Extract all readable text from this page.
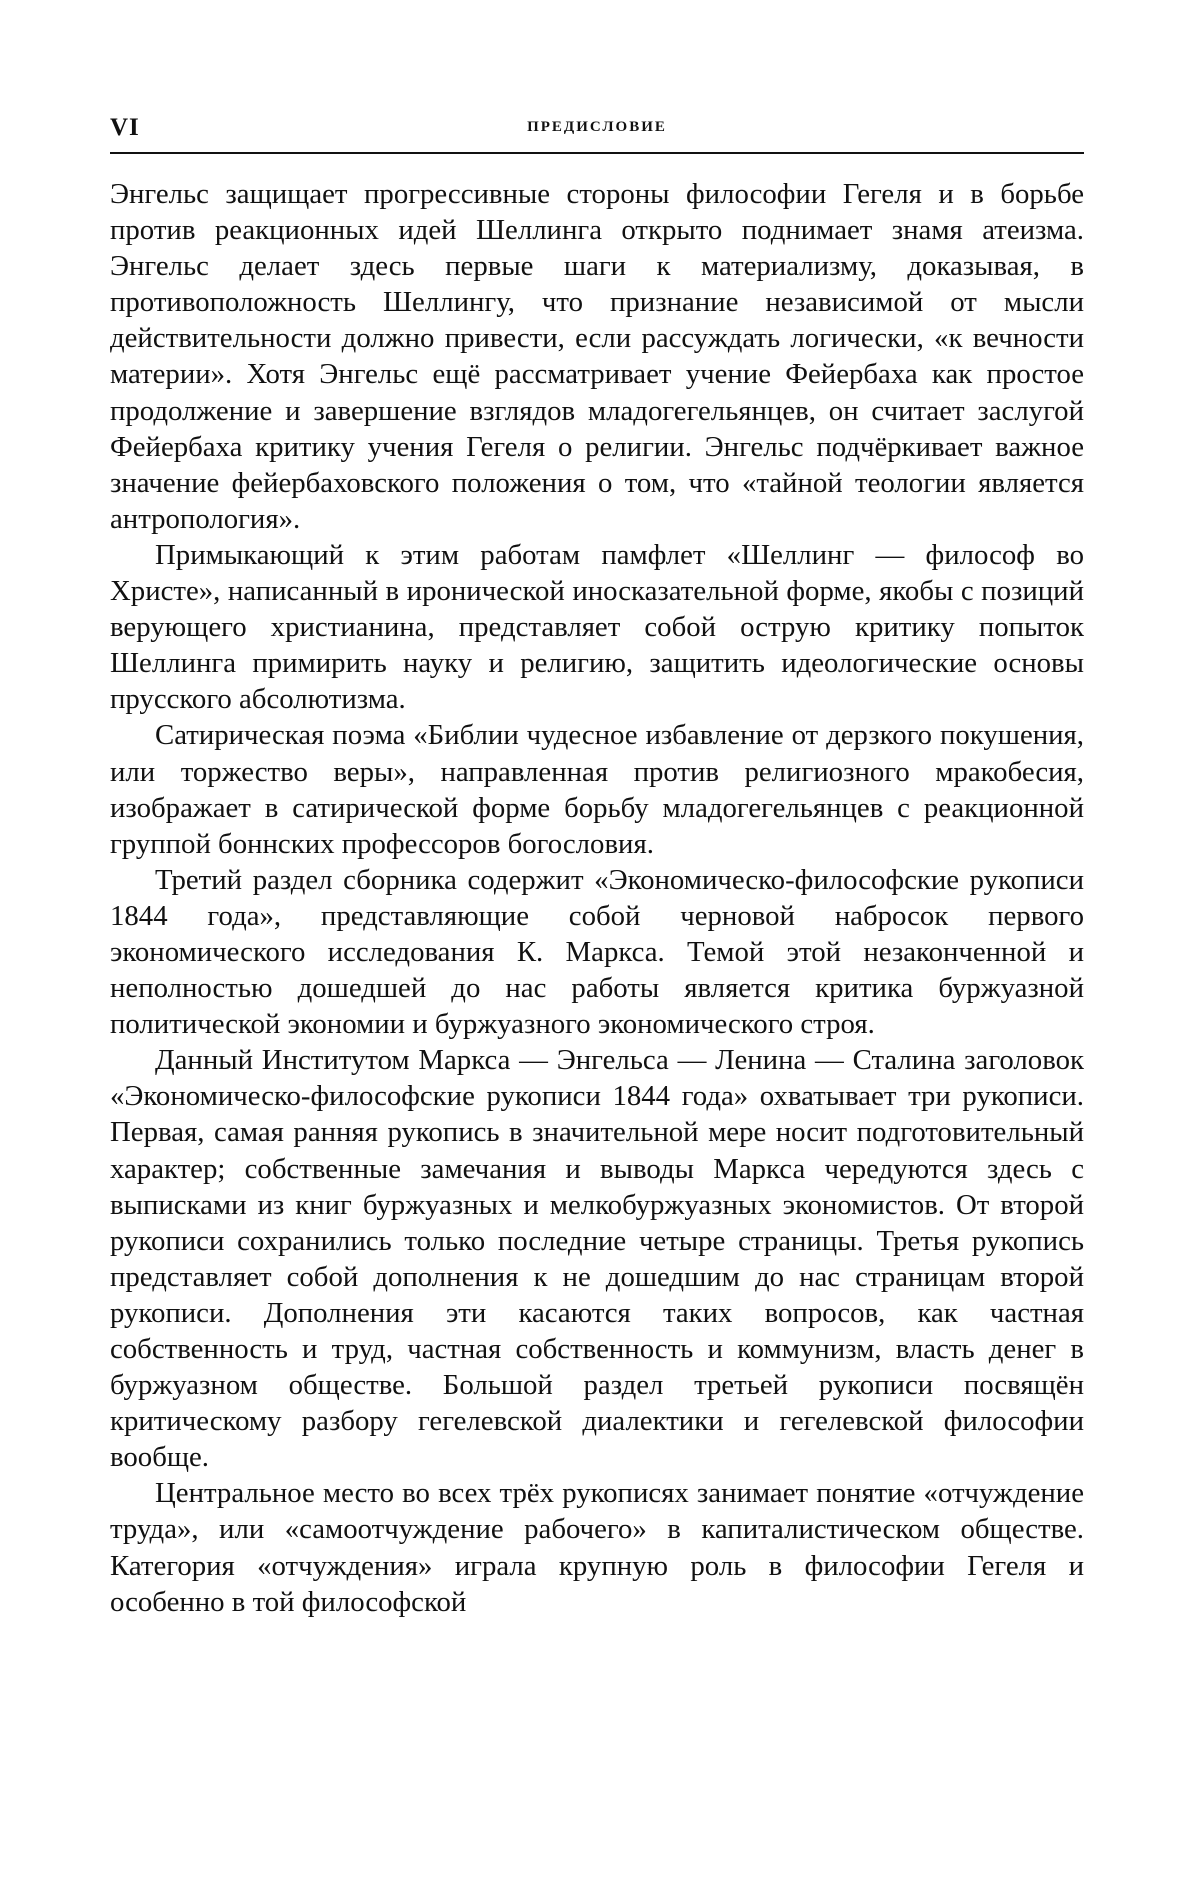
VI	ПРЕДИСЛОВИЕ

Энгельс защищает прогрессивные стороны философии Гегеля и в борьбе против реакционных идей Шеллинга открыто поднимает знамя атеизма. Энгельс делает здесь первые шаги к материализму, доказывая, в противоположность Шеллингу, что признание независимой от мысли действительности должно привести, если рассуждать логически, «к вечности материи». Хотя Энгельс ещё рассматривает учение Фейербаха как простое продолжение и завершение взглядов младогегельянцев, он считает заслугой Фейербаха критику учения Гегеля о религии. Энгельс подчёркивает важное значение фейербаховского положения о том, что «тайной теологии является антропология».

Примыкающий к этим работам памфлет «Шеллинг — философ во Христе», написанный в иронической иносказательной форме, якобы с позиций верующего христианина, представляет собой острую критику попыток Шеллинга примирить науку и религию, защитить идеологические основы прусского абсолютизма.

Сатирическая поэма «Библии чудесное избавление от дерзкого покушения, или торжество веры», направленная против религиозного мракобесия, изображает в сатирической форме борьбу младогегельянцев с реакционной группой боннских профессоров богословия.

Третий раздел сборника содержит «Экономическо-философские рукописи 1844 года», представляющие собой черновой набросок первого экономического исследования К. Маркса. Темой этой незаконченной и неполностью дошедшей до нас работы является критика буржуазной политической экономии и буржуазного экономического строя.

Данный Институтом Маркса — Энгельса — Ленина — Сталина заголовок «Экономическо-философские рукописи 1844 года» охватывает три рукописи. Первая, самая ранняя рукопись в значительной мере носит подготовительный характер; собственные замечания и выводы Маркса чередуются здесь с выписками из книг буржуазных и мелкобуржуазных экономистов. От второй рукописи сохранились только последние четыре страницы. Третья рукопись представляет собой дополнения к не дошедшим до нас страницам второй рукописи. Дополнения эти касаются таких вопросов, как частная собственность и труд, частная собственность и коммунизм, власть денег в буржуазном обществе. Большой раздел третьей рукописи посвящён критическому разбору гегелевской диалектики и гегелевской философии вообще.

Центральное место во всех трёх рукописях занимает понятие «отчуждение труда», или «самоотчуждение рабочего» в капиталистическом обществе. Категория «отчуждения» играла крупную роль в философии Гегеля и особенно в той философской
